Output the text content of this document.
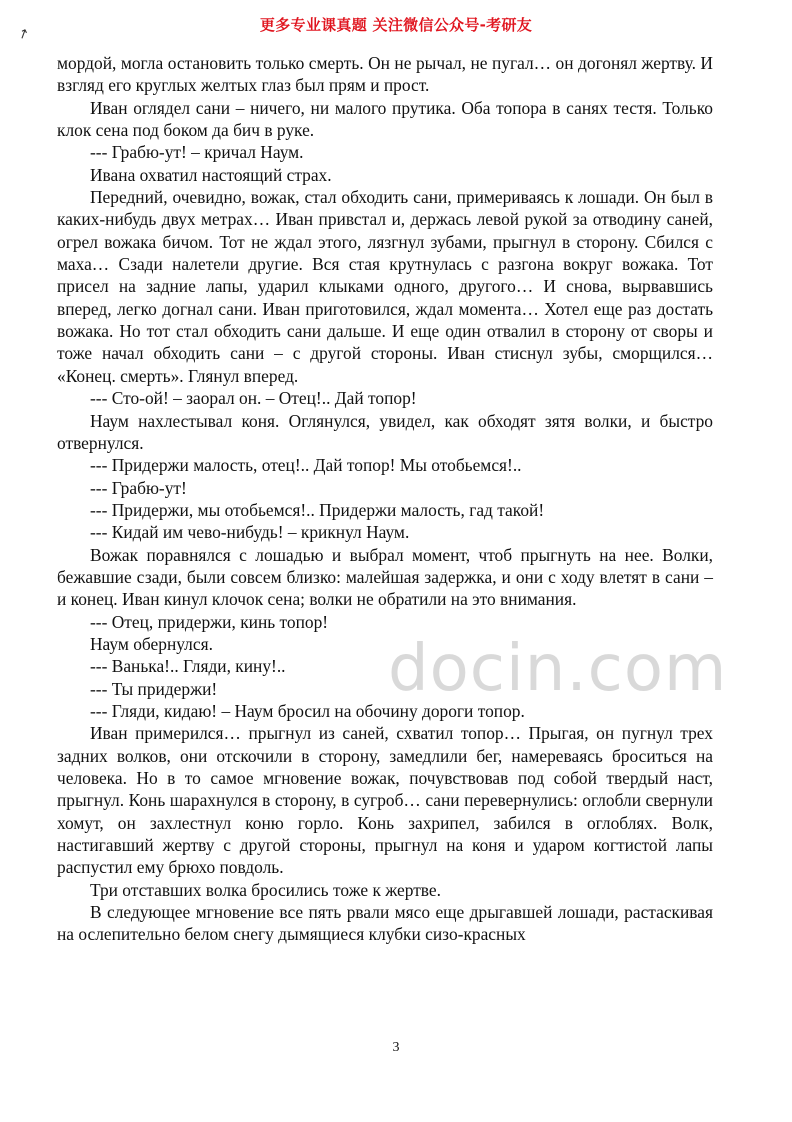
更多专业课真题 关注微信公众号-考研友
↗

мордой, могла остановить только смерть. Он не рычал, не пугал… он догонял жертву. И взгляд его круглых желтых глаз был прям и прост.

Иван оглядел сани – ничего, ни малого прутика. Оба топора в санях тестя. Только клок сена под боком да бич в руке.

--- Грабю-ут! – кричал Наум.

Ивана охватил настоящий страх.

Передний, очевидно, вожак, стал обходить сани, примериваясь к лошади. Он был в каких-нибудь двух метрах… Иван привстал и, держась левой рукой за отводину саней, огрел вожака бичом. Тот не ждал этого, лязгнул зубами, прыгнул в сторону. Сбился с маха… Сзади налетели другие. Вся стая крутнулась с разгона вокруг вожака. Тот присел на задние лапы, ударил клыками одного, другого… И снова, вырвавшись вперед, легко догнал сани. Иван приготовился, ждал момента… Хотел еще раз достать вожака. Но тот стал обходить сани дальше. И еще один отвалил в сторону от своры и тоже начал обходить сани – с другой стороны. Иван стиснул зубы, сморщился… «Конец. смерть». Глянул вперед.

--- Сто-ой! – заорал он. – Отец!.. Дай топор!

Наум нахлестывал коня. Оглянулся, увидел, как обходят зятя волки, и быстро отвернулся.

--- Придержи малость, отец!.. Дай топор! Мы отобьемся!..

--- Грабю-ут!

--- Придержи, мы отобьемся!.. Придержи малость, гад такой!

--- Кидай им чево-нибудь! – крикнул Наум.

Вожак поравнялся с лошадью и выбрал момент, чтоб прыгнуть на нее. Волки, бежавшие сзади, были совсем близко: малейшая задержка, и они с ходу влетят в сани – и конец. Иван кинул клочок сена; волки не обратили на это внимания.

--- Отец, придержи, кинь топор!

Наум обернулся.

--- Ванька!.. Гляди, кину!..

--- Ты придержи!

--- Гляди, кидаю! – Наум бросил на обочину дороги топор.

Иван примерился… прыгнул из саней, схватил топор… Прыгая, он пугнул трех задних волков, они отскочили в сторону, замедлили бег, намереваясь броситься на человека. Но в то самое мгновение вожак, почувствовав под собой твердый наст, прыгнул. Конь шарахнулся в сторону, в сугроб… сани перевернулись: оглобли свернули хомут, он захлестнул коню горло. Конь захрипел, забился в оглоблях. Волк, настигавший жертву с другой стороны, прыгнул на коня и ударом когтистой лапы распустил ему брюхо повдоль.

Три отставших волка бросились тоже к жертве.

В следующее мгновение все пять рвали мясо еще дрыгавшей лошади, растаскивая на ослепительно белом снегу дымящиеся клубки сизо-красных

docin.com
3
